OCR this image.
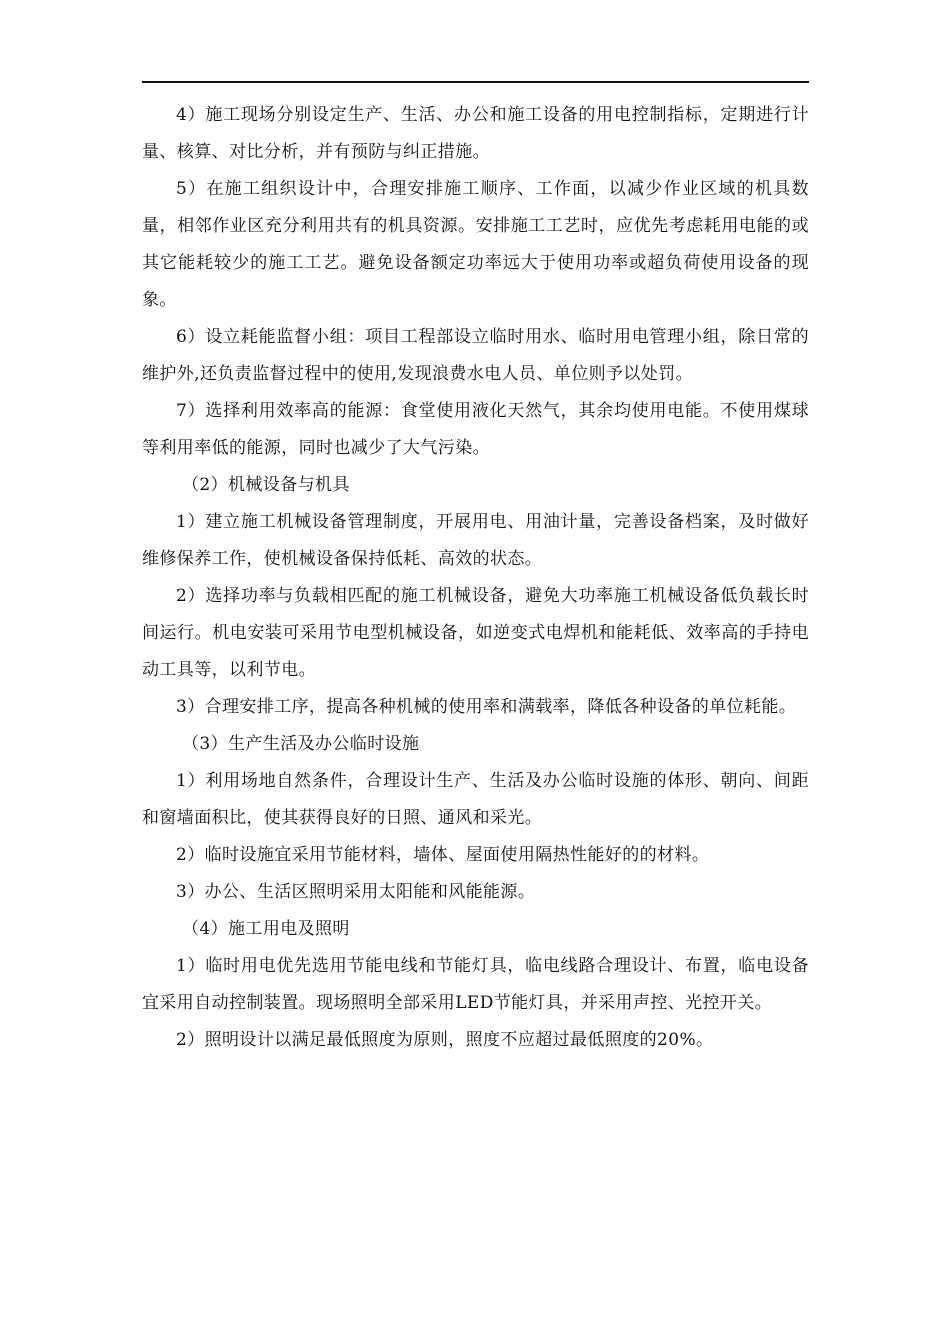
4）施工现场分别设定生产、生活、办公和施工设备的用电控制指标，定期进行计量、核算、对比分析，并有预防与纠正措施。

5）在施工组织设计中，合理安排施工顺序、工作面，以减少作业区域的机具数量，相邻作业区充分利用共有的机具资源。安排施工工艺时，应优先考虑耗用电能的或其它能耗较少的施工工艺。避免设备额定功率远大于使用功率或超负荷使用设备的现象。

6）设立耗能监督小组：项目工程部设立临时用水、临时用电管理小组，除日常的维护外,还负责监督过程中的使用,发现浪费水电人员、单位则予以处罚。

7）选择利用效率高的能源：食堂使用液化天然气，其余均使用电能。不使用煤球等利用率低的能源，同时也减少了大气污染。

（2）机械设备与机具

1）建立施工机械设备管理制度，开展用电、用油计量，完善设备档案，及时做好维修保养工作，使机械设备保持低耗、高效的状态。

2）选择功率与负载相匹配的施工机械设备，避免大功率施工机械设备低负载长时间运行。机电安装可采用节电型机械设备，如逆变式电焊机和能耗低、效率高的手持电动工具等，以利节电。

3）合理安排工序，提高各种机械的使用率和满载率，降低各种设备的单位耗能。

（3）生产生活及办公临时设施

1）利用场地自然条件，合理设计生产、生活及办公临时设施的体形、朝向、间距和窗墙面积比，使其获得良好的日照、通风和采光。

2）临时设施宜采用节能材料，墙体、屋面使用隔热性能好的的材料。

3）办公、生活区照明采用太阳能和风能能源。

（4）施工用电及照明

1）临时用电优先选用节能电线和节能灯具，临电线路合理设计、布置，临电设备宜采用自动控制装置。现场照明全部采用LED节能灯具，并采用声控、光控开关。

2）照明设计以满足最低照度为原则，照度不应超过最低照度的20%。
